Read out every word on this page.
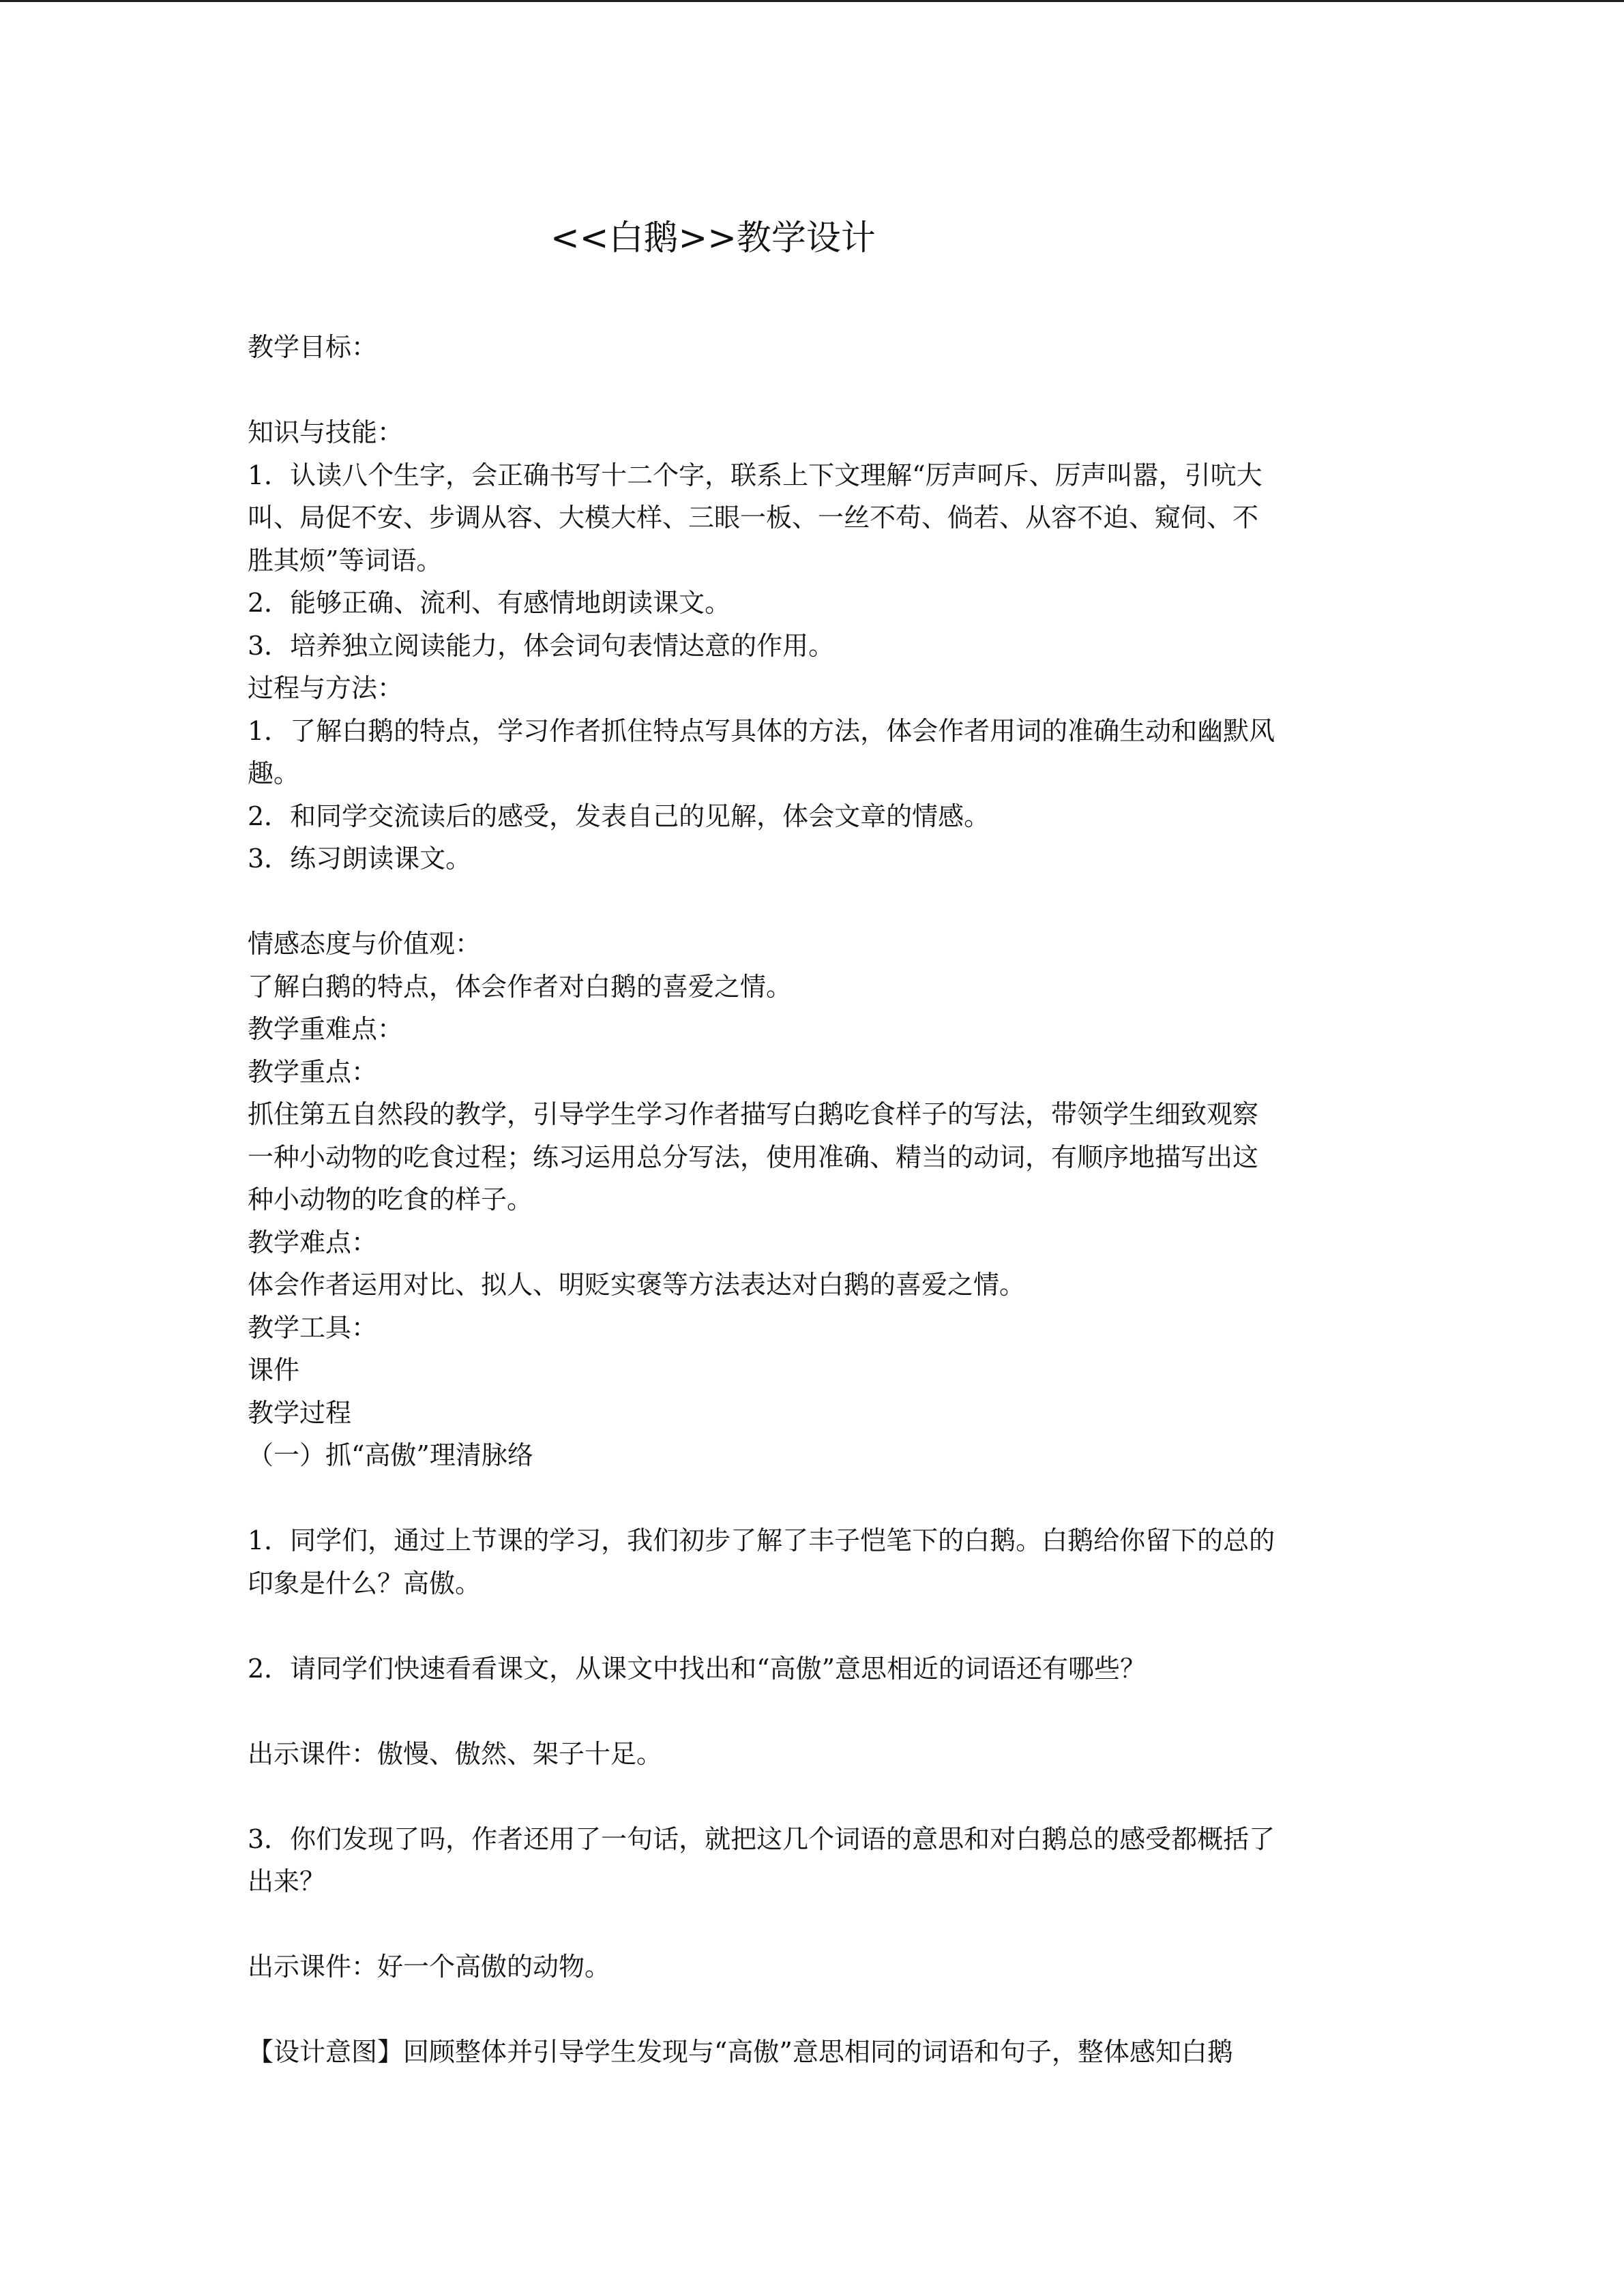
<<白鹅>>教学设计
教学目标：
知识与技能：
1．认读八个生字，会正确书写十二个字，联系上下文理解“厉声呵斥、厉声叫嚣，引吭大
叫、局促不安、步调从容、大模大样、三眼一板、一丝不苟、倘若、从容不迫、窥伺、不
胜其烦”等词语。
2．能够正确、流利、有感情地朗读课文。
3．培养独立阅读能力，体会词句表情达意的作用。
过程与方法：
1．了解白鹅的特点，学习作者抓住特点写具体的方法，体会作者用词的准确生动和幽默风
趣。
2．和同学交流读后的感受，发表自己的见解，体会文章的情感。
3．练习朗读课文。
情感态度与价值观：
了解白鹅的特点，体会作者对白鹅的喜爱之情。
教学重难点：
教学重点：
抓住第五自然段的教学，引导学生学习作者描写白鹅吃食样子的写法，带领学生细致观察
一种小动物的吃食过程；练习运用总分写法，使用准确、精当的动词，有顺序地描写出这
种小动物的吃食的样子。
教学难点：
体会作者运用对比、拟人、明贬实褒等方法表达对白鹅的喜爱之情。
教学工具：
课件
教学过程
（一）抓“高傲”理清脉络
1．同学们，通过上节课的学习，我们初步了解了丰子恺笔下的白鹅。白鹅给你留下的总的
印象是什么？高傲。
2．请同学们快速看看课文，从课文中找出和“高傲”意思相近的词语还有哪些？
出示课件：傲慢、傲然、架子十足。
3．你们发现了吗，作者还用了一句话，就把这几个词语的意思和对白鹅总的感受都概括了
出来？
出示课件：好一个高傲的动物。
【设计意图】回顾整体并引导学生发现与“高傲”意思相同的词语和句子，整体感知白鹅
